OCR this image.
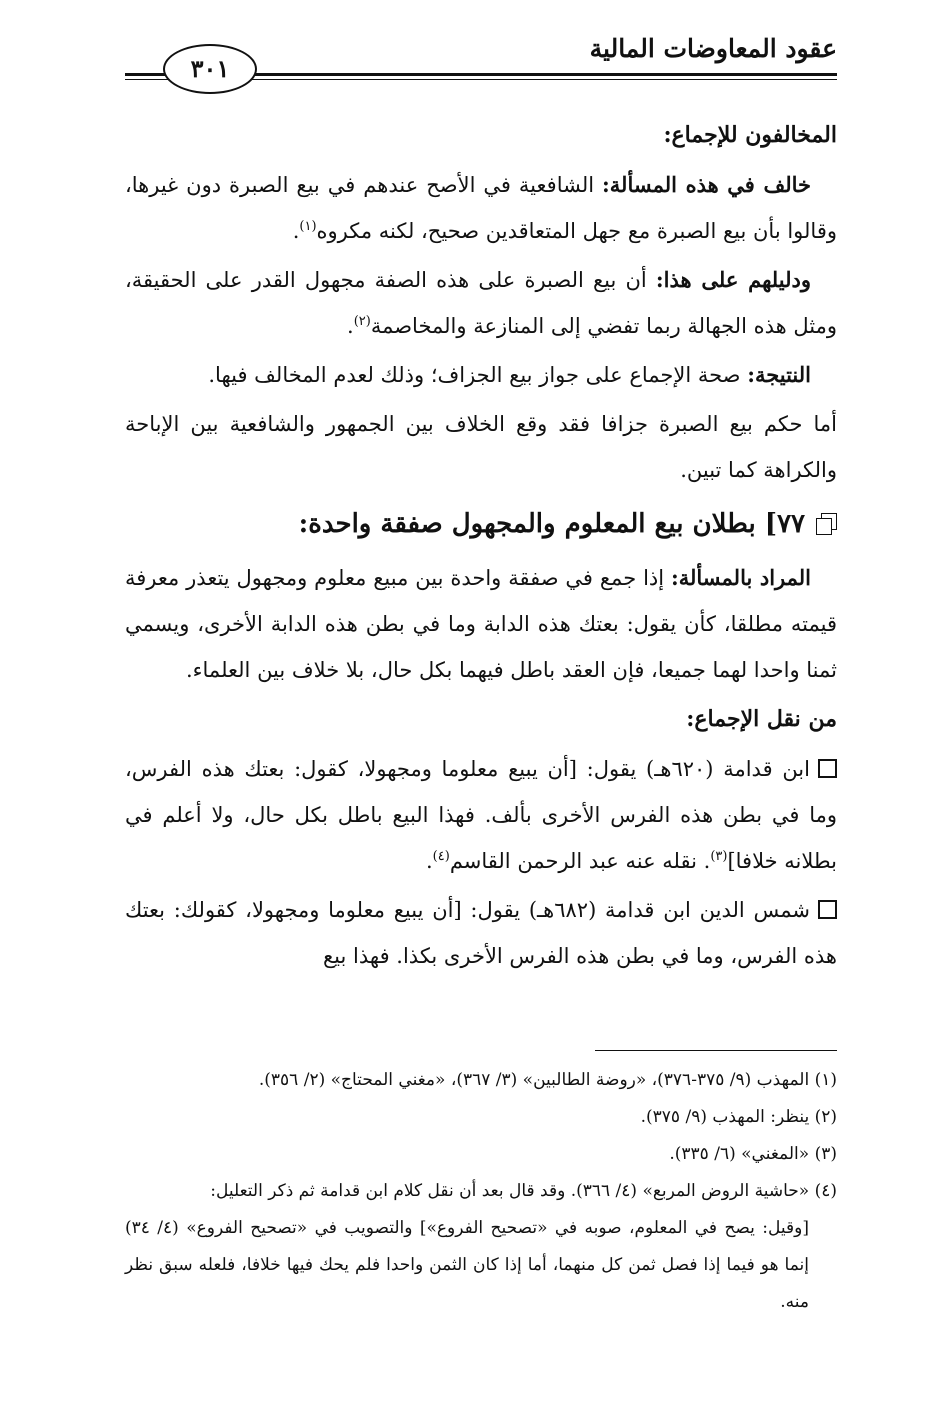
عقود المعاوضات المالية
٣٠١
المخالفون للإجماع:

خالف في هذه المسألة: الشافعية في الأصح عندهم في بيع الصبرة دون غيرها، وقالوا بأن بيع الصبرة مع جهل المتعاقدين صحيح، لكنه مكروه$^{(١)}$.

ودليلهم على هذا: أن بيع الصبرة على هذه الصفة مجهول القدر على الحقيقة، ومثل هذه الجهالة ربما تفضي إلى المنازعة والمخاصمة$^{(٢)}$.

النتيجة: صحة الإجماع على جواز بيع الجزاف؛ وذلك لعدم المخالف فيها.

أما حكم بيع الصبرة جزافا فقد وقع الخلاف بين الجمهور والشافعية بين الإباحة والكراهة كما تبين.

٧٧] بطلان بيع المعلوم والمجهول صفقة واحدة:

المراد بالمسألة: إذا جمع في صفقة واحدة بين مبيع معلوم ومجهول يتعذر معرفة قيمته مطلقا، كأن يقول: بعتك هذه الدابة وما في بطن هذه الدابة الأخرى، ويسمي ثمنا واحدا لهما جميعا، فإن العقد باطل فيهما بكل حال، بلا خلاف بين العلماء.

من نقل الإجماع:

ابن قدامة (٦٢٠هـ) يقول: [أن يبيع معلوما ومجهولا، كقول: بعتك هذه الفرس، وما في بطن هذه الفرس الأخرى بألف. فهذا البيع باطل بكل حال، ولا أعلم في بطلانه خلافا]$^{(٣)}$. نقله عنه عبد الرحمن القاسم$^{(٤)}$.

شمس الدين ابن قدامة (٦٨٢هـ) يقول: [أن يبيع معلوما ومجهولا، كقولك: بعتك هذه الفرس، وما في بطن هذه الفرس الأخرى بكذا. فهذا بيع

(١) المهذب (٩/ ٣٧٥-٣٧٦)، «روضة الطالبين» (٣/ ٣٦٧)، «مغني المحتاج» (٢/ ٣٥٦).

(٢) ينظر: المهذب (٩/ ٣٧٥).

(٣) «المغني» (٦/ ٣٣٥).

(٤) «حاشية الروض المربع» (٤/ ٣٦٦). وقد قال بعد أن نقل كلام ابن قدامة ثم ذكر التعليل:

[وقيل: يصح في المعلوم، صوبه في «تصحيح الفروع»] والتصويب في «تصحيح الفروع» (٤/ ٣٤) إنما هو فيما إذا فصل ثمن كل منهما، أما إذا كان الثمن واحدا فلم يحك فيها خلافا، فلعله سبق نظر منه.
